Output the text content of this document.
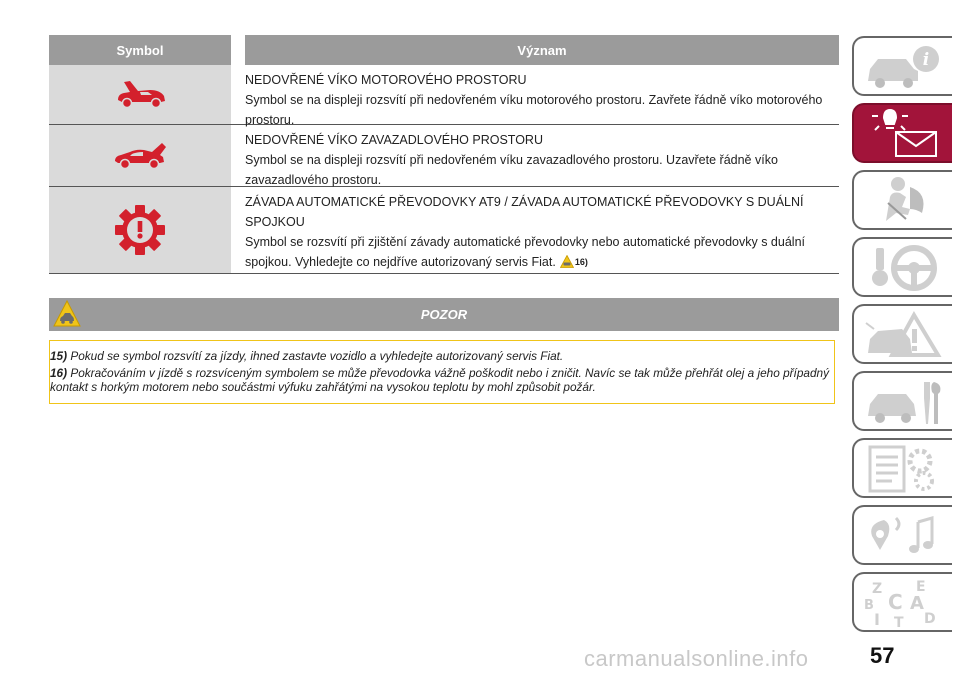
Symbol	Význam
NEDOVŘENÉ VÍKO MOTOROVÉHO PROSTORU
Symbol se na displeji rozsvítí při nedovřeném víku motorového prostoru. Zavřete řádně víko motorového prostoru.
NEDOVŘENÉ VÍKO ZAVAZADLOVÉHO PROSTORU
Symbol se na displeji rozsvítí při nedovřeném víku zavazadlového prostoru. Uzavřete řádně víko zavazadlového prostoru.
ZÁVADA AUTOMATICKÉ PŘEVODOVKY AT9 / ZÁVADA AUTOMATICKÉ PŘEVODOVKY S DUÁLNÍ SPOJKOU
Symbol se rozsvítí při zjištění závady automatické převodovky nebo automatické převodovky s duální spojkou. Vyhledejte co nejdříve autorizovaný servis Fiat. 16)
POZOR

15) Pokud se symbol rozsvítí za jízdy, ihned zastavte vozidlo a vyhledejte autorizovaný servis Fiat.

16) Pokračováním v jízdě s rozsvíceným symbolem se může převodovka vážně poškodit nebo i zničit. Navíc se tak může přehřát olej a jeho případný kontakt s horkým motorem nebo součástmi výfuku zahřátými na vysokou teplotu by mohl způsobit požár.

i
Z E
B A
C
I T D
carmanualsonline.info	57
